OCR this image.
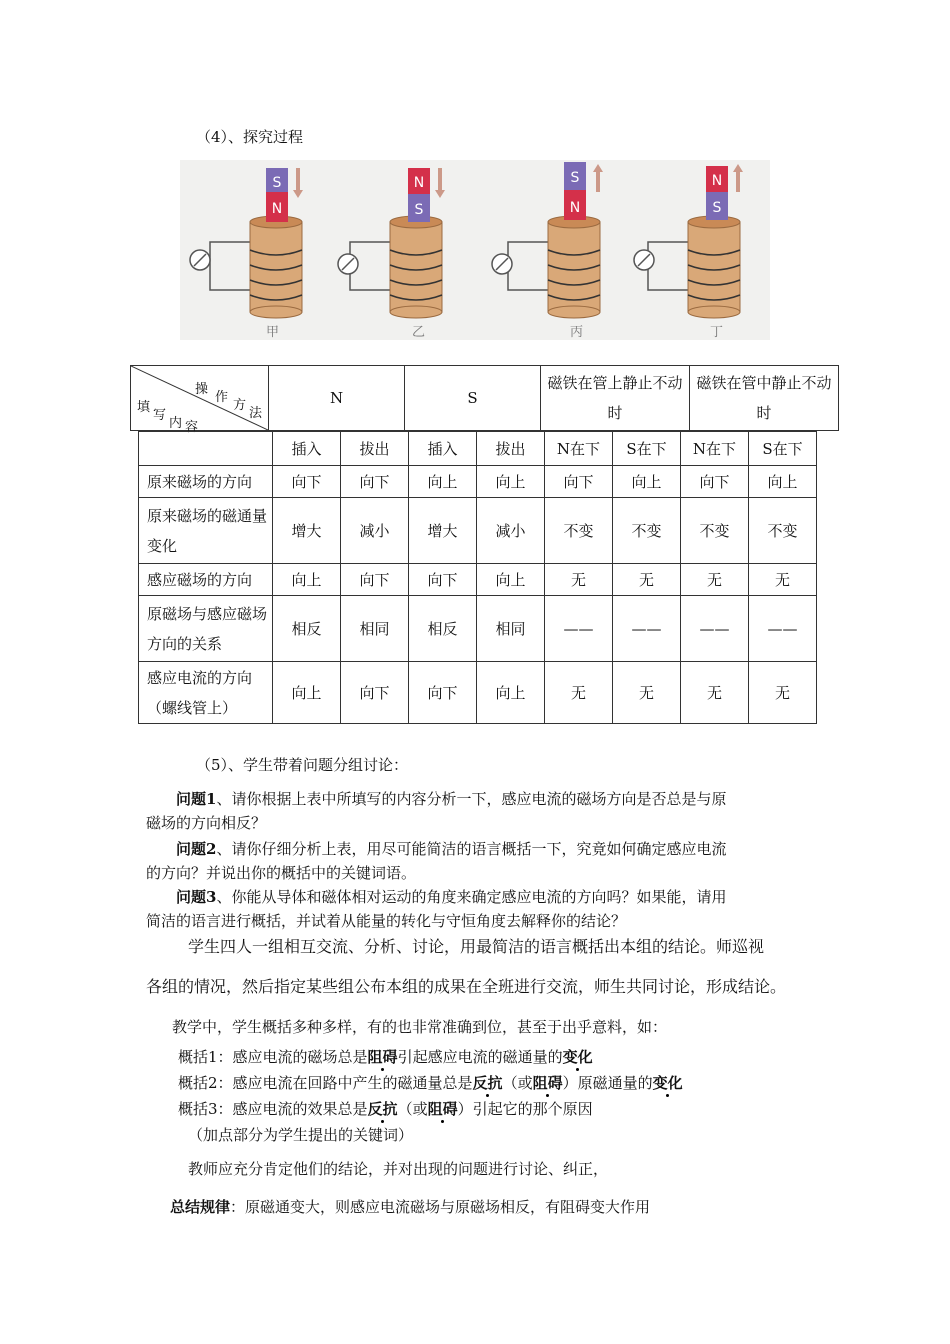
（4）、探究过程
S
N
甲
N
S
乙
S
N
丙
N
S
丁
操
作
方
法
填
写
内 容
	N	S	磁铁在管上静止不动时	磁铁在管中静止不动时
	插入	拔出	插入	拔出	N在下	S在下	N在下	S在下
原来磁场的方向	向下	向下	向上	向上	向下	向上	向下	向上
原来磁场的磁通量变化	增大	减小	增大	减小	不变	不变	不变	不变
感应磁场的方向	向上	向下	向下	向上	无	无	无	无
原磁场与感应磁场方向的关系	相反	相同	相反	相同	——	——	——	——
感应电流的方向（螺线管上）	向上	向下	向下	向上	无	无	无	无
（5）、学生带着问题分组讨论：
问题1、请你根据上表中所填写的内容分析一下，感应电流的磁场方向是否总是与原
磁场的方向相反？
问题2、请你仔细分析上表，用尽可能简洁的语言概括一下，究竟如何确定感应电流
的方向？并说出你的概括中的关键词语。
问题3、你能从导体和磁体相对运动的角度来确定感应电流的方向吗？如果能，请用
简洁的语言进行概括，并试着从能量的转化与守恒角度去解释你的结论？
学生四人一组相互交流、分析、讨论，用最简洁的语言概括出本组的结论。师巡视
各组的情况，然后指定某些组公布本组的成果在全班进行交流，师生共同讨论，形成结论。
教学中，学生概括多种多样，有的也非常准确到位，甚至于出乎意料，如：
概括1：感应电流的磁场总是阻碍引起感应电流的磁通量的变化
概括2：感应电流在回路中产生的磁通量总是反抗（或阻碍）原磁通量的变化
概括3：感应电流的效果总是反抗（或阻碍）引起它的那个原因
（加点部分为学生提出的关键词）
教师应充分肯定他们的结论，并对出现的问题进行讨论、纠正，
总结规律：原磁通变大，则感应电流磁场与原磁场相反，有阻碍变大作用
